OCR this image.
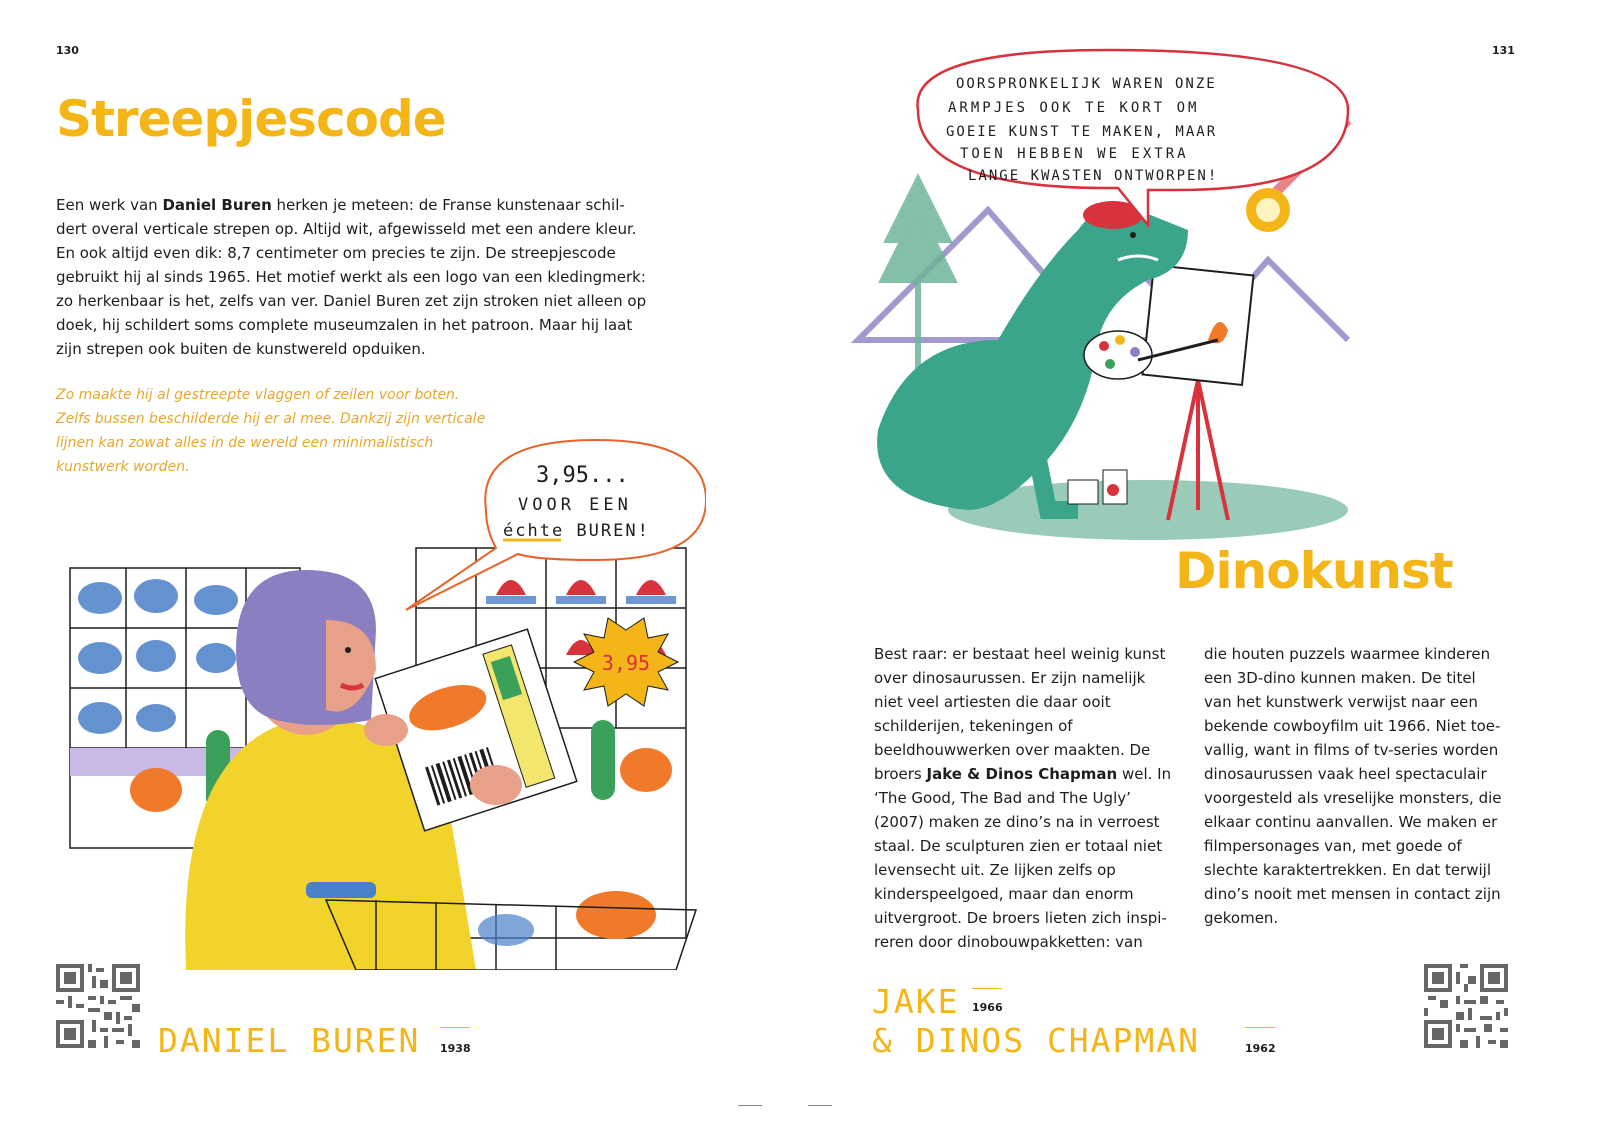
130
Streepjescode

Een werk van Daniel Buren herken je meteen: de Franse kunstenaar schil- dert overal verticale strepen op. Altijd wit, afgewisseld met een andere kleur. En ook altijd even dik: 8,7 centimeter om precies te zijn. De streepjescode gebruikt hij al sinds 1965. Het motief werkt als een logo van een kledingmerk: zo herkenbaar is het, zelfs van ver. Daniel Buren zet zijn stroken niet alleen op doek, hij schildert soms complete museumzalen in het patroon. Maar hij laat zijn strepen ook buiten de kunstwereld opduiken.

Zo maakte hij al gestreepte vlaggen of zeilen voor boten. Zelfs bussen beschilderde hij er al mee. Dankzij zijn verticale lijnen kan zowat alles in de wereld een minimalistisch kunstwerk worden.
3,95
3,95...
VOOR EEN
échte BUREN!
DANIEL BUREN 1938
131
OORSPRONKELIJK WAREN ONZE
ARMPJES OOK TE KORT OM
GOEIE KUNST TE MAKEN, MAAR
TOEN HEBBEN WE EXTRA
LANGE KWASTEN ONTWORPEN!
Dinokunst

Best raar: er bestaat heel weinig kunst over dinosaurussen. Er zijn namelijk niet veel artiesten die daar ooit schilderijen, tekeningen of beeldhouwwerken over maakten. De broers Jake & Dinos Chapman wel. In ‘The Good, The Bad and The Ugly’ (2007) maken ze dino’s na in verroest staal. De sculpturen zien er totaal niet levensecht uit. Ze lijken zelfs op kinderspeelgoed, maar dan enorm uitvergroot. De broers lieten zich inspi- reren door dinobouwpakketten: van

die houten puzzels waarmee kinderen een 3D-dino kunnen maken. De titel van het kunstwerk verwijst naar een bekende cowboyfilm uit 1966. Niet toe- vallig, want in films of tv-series worden dinosaurussen vaak heel spectaculair voorgesteld als vreselijke monsters, die elkaar continu aanvallen. We maken er filmpersonages van, met goede of slechte karaktertrekken. En dat terwijl dino’s nooit met mensen in contact zijn gekomen.

JAKE 1966
& DINOS CHAPMAN	1962
